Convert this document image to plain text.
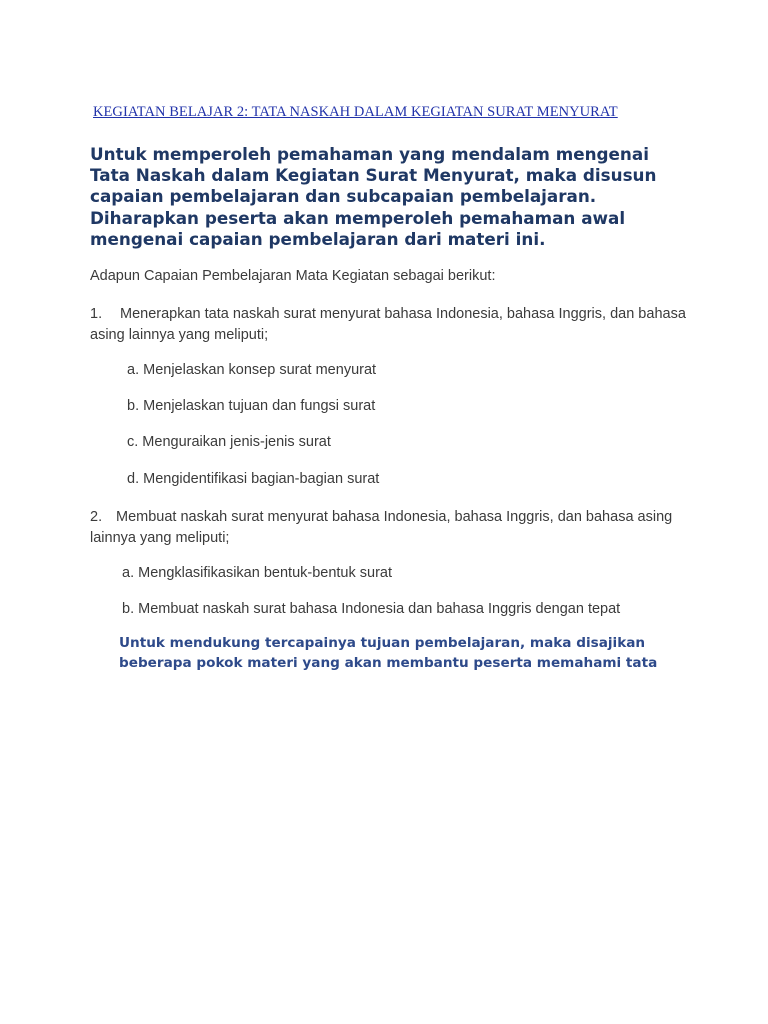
KEGIATAN BELAJAR 2: TATA NASKAH DALAM KEGIATAN SURAT MENYURAT

Untuk memperoleh pemahaman yang mendalam mengenai Tata Naskah dalam Kegiatan Surat Menyurat, maka disusun capaian pembelajaran dan subcapaian pembelajaran. Diharapkan peserta akan memperoleh pemahaman awal mengenai capaian pembelajaran dari materi ini.

Adapun Capaian Pembelajaran Mata Kegiatan sebagai berikut:

1. Menerapkan tata naskah surat menyurat bahasa Indonesia, bahasa Inggris, dan bahasa asing lainnya yang meliputi;

a. Menjelaskan konsep surat menyurat

b. Menjelaskan tujuan dan fungsi surat

c. Menguraikan jenis-jenis surat

d. Mengidentifikasi bagian-bagian surat

2. Membuat naskah surat menyurat bahasa Indonesia, bahasa Inggris, dan bahasa asing lainnya yang meliputi;

a. Mengklasifikasikan bentuk-bentuk surat

b. Membuat naskah surat bahasa Indonesia dan bahasa Inggris dengan tepat

Untuk mendukung tercapainya tujuan pembelajaran, maka disajikan beberapa pokok materi yang akan membantu peserta memahami tata
